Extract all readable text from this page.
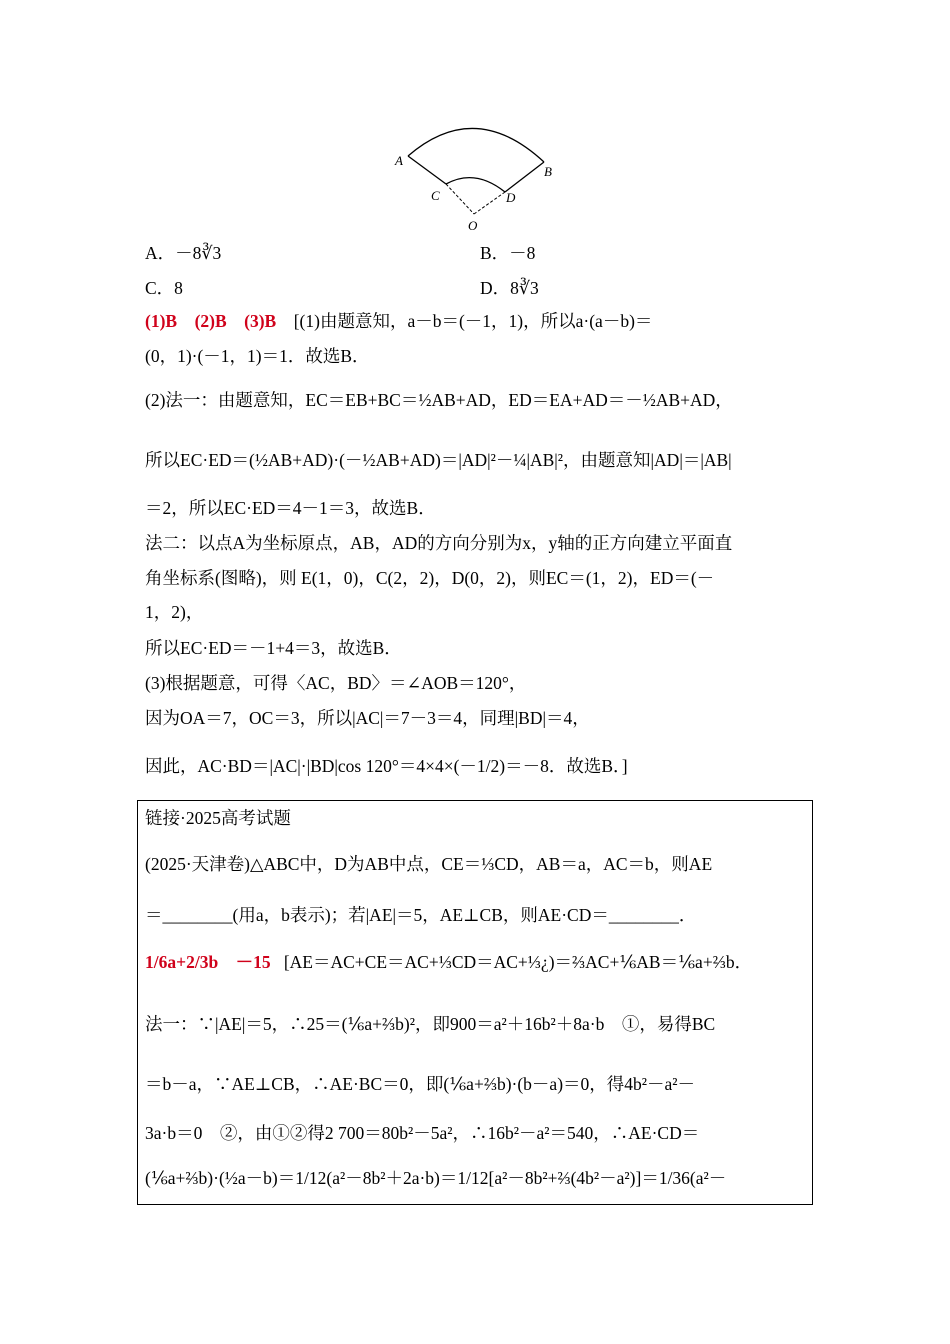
A
B
C	D
O
A．－8∛3	B．－8
C．8	D．8∛3
(1)B (2)B (3)B [(1)由题意知，a－b＝(－1，1)，所以a·(a－b)＝
(0，1)·(－1，1)＝1．故选B．
(2)法一：由题意知，EC＝EB+BC＝½AB+AD，ED＝EA+AD＝－½AB+AD，
所以EC·ED＝(½AB+AD)·(－½AB+AD)＝|AD|²－¼|AB|²，由题意知|AD|＝|AB|
＝2，所以EC·ED＝4－1＝3，故选B．
法二：以点A为坐标原点，AB，AD的方向分别为x，y轴的正方向建立平面直
角坐标系(图略)，则 E(1，0)，C(2，2)，D(0，2)，则EC＝(1，2)，ED＝(－
1，2)，
所以EC·ED＝－1+4＝3，故选B．
(3)根据题意，可得〈AC，BD〉＝∠AOB＝120°，
因为OA＝7，OC＝3，所以|AC|＝7－3＝4，同理|BD|＝4，
因此，AC·BD＝|AC|·|BD|cos 120°＝4×4×(－1/2)＝－8．故选B．]
链接·2025高考试题
(2025·天津卷)△ABC中，D为AB中点，CE＝⅓CD，AB＝a，AC＝b，则AE
＝________(用a，b表示)；若|AE|＝5，AE⊥CB，则AE·CD＝________．
1/6a+2/3b　－15 [AE＝AC+CE＝AC+⅓CD＝AC+⅓¿)＝⅔AC+⅙AB＝⅙a+⅔b．
法一：∵|AE|＝5，∴25＝(⅙a+⅔b)²，即900＝a²＋16b²＋8a·b　①，易得BC
＝b－a，∵AE⊥CB，∴AE·BC＝0，即(⅙a+⅔b)·(b－a)＝0，得4b²－a²－
3a·b＝0　②，由①②得2 700＝80b²－5a²，∴16b²－a²＝540，∴AE·CD＝
(⅙a+⅔b)·(½a－b)＝1/12(a²－8b²＋2a·b)＝1/12[a²－8b²+⅔(4b²－a²)]＝1/36(a²－
